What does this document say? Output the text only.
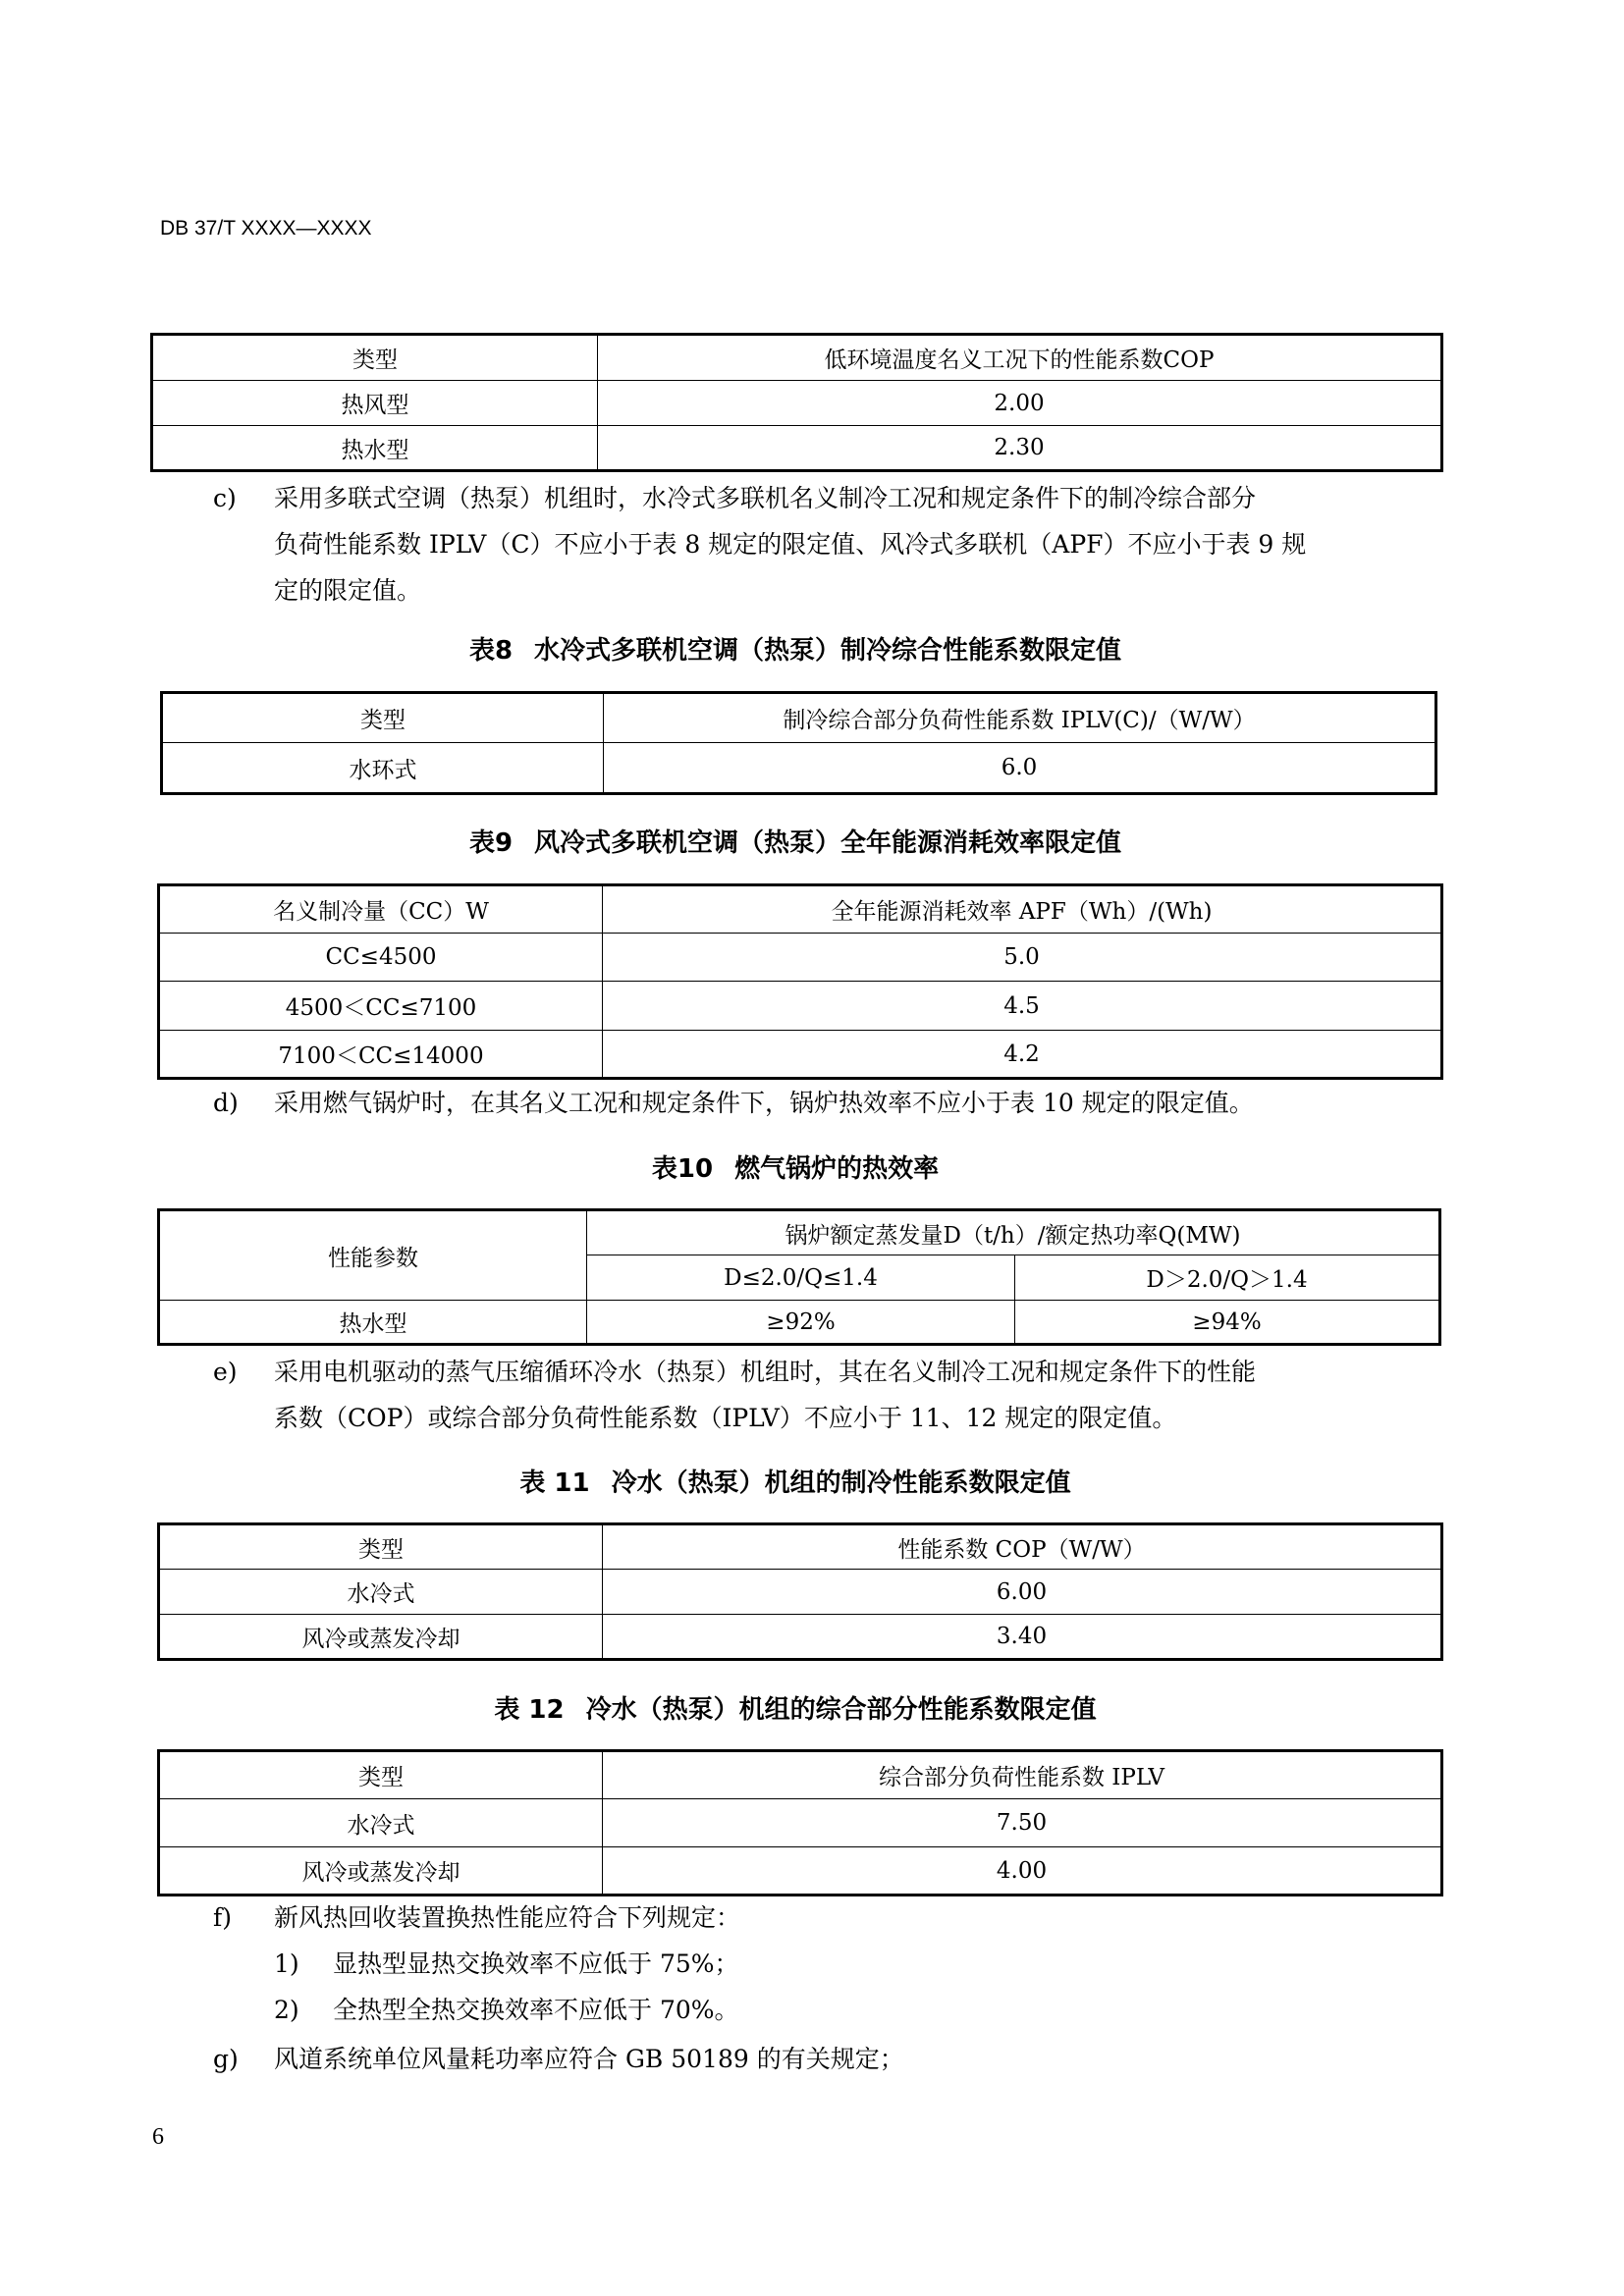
DB 37/T XXXX—XXXX
类型	低环境温度名义工况下的性能系数COP
热风型	2.00
热水型	2.30
c) 采用多联式空调（热泵）机组时，水冷式多联机名义制冷工况和规定条件下的制冷综合部分
负荷性能系数 IPLV（C）不应小于表 8 规定的限定值、风冷式多联机（APF）不应小于表 9 规
定的限定值。
表8 水冷式多联机空调（热泵）制冷综合性能系数限定值
类型	制冷综合部分负荷性能系数 IPLV(C)/（W/W）
水环式	6.0
表9 风冷式多联机空调（热泵）全年能源消耗效率限定值
名义制冷量（CC）W	全年能源消耗效率 APF（Wh）/(Wh)
CC≤4500	5.0
4500＜CC≤7100	4.5
7100＜CC≤14000	4.2
d) 采用燃气锅炉时，在其名义工况和规定条件下，锅炉热效率不应小于表 10 规定的限定值。
表10 燃气锅炉的热效率
性能参数	锅炉额定蒸发量D（t/h）/额定热功率Q(MW)	
	D≤2.0/Q≤1.4	D＞2.0/Q＞1.4
热水型	≥92%	≥94%
e) 采用电机驱动的蒸气压缩循环冷水（热泵）机组时，其在名义制冷工况和规定条件下的性能
系数（COP）或综合部分负荷性能系数（IPLV）不应小于 11、12 规定的限定值。
表 11 冷水（热泵）机组的制冷性能系数限定值
类型	性能系数 COP（W/W）
水冷式	6.00
风冷或蒸发冷却	3.40
表 12 冷水（热泵）机组的综合部分性能系数限定值
类型	综合部分负荷性能系数 IPLV
水冷式	7.50
风冷或蒸发冷却	4.00
f) 新风热回收装置换热性能应符合下列规定：
1) 显热型显热交换效率不应低于 75%；
2) 全热型全热交换效率不应低于 70%。
g) 风道系统单位风量耗功率应符合 GB 50189 的有关规定；
6
